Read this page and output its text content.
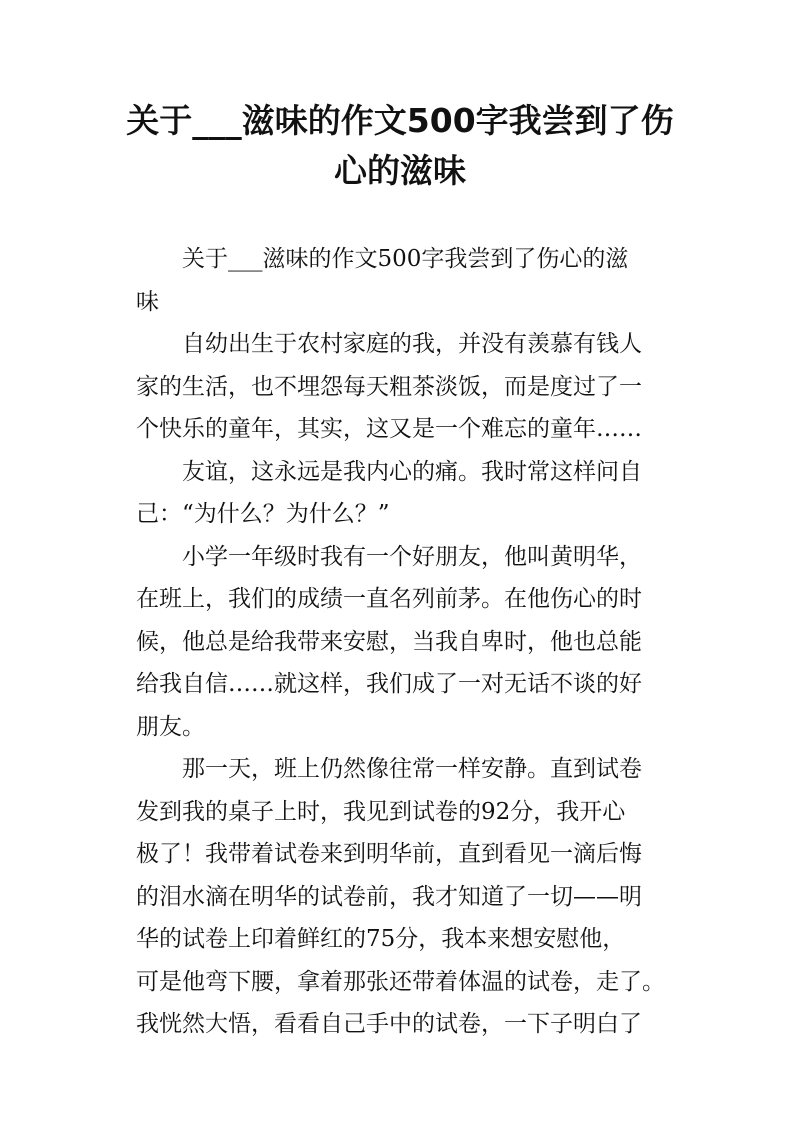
关于___滋味的作文500字我尝到了伤
心的滋味
关于___滋味的作文500字我尝到了伤心的滋
味
自幼出生于农村家庭的我，并没有羡慕有钱人
家的生活，也不埋怨每天粗茶淡饭，而是度过了一
个快乐的童年，其实，这又是一个难忘的童年……
友谊，这永远是我内心的痛。我时常这样问自
己：“为什么？为什么？”
小学一年级时我有一个好朋友，他叫黄明华，
在班上，我们的成绩一直名列前茅。在他伤心的时
候，他总是给我带来安慰，当我自卑时，他也总能
给我自信……就这样，我们成了一对无话不谈的好
朋友。
那一天，班上仍然像往常一样安静。直到试卷
发到我的桌子上时，我见到试卷的92分，我开心
极了！我带着试卷来到明华前，直到看见一滴后悔
的泪水滴在明华的试卷前，我才知道了一切——明
华的试卷上印着鲜红的75分，我本来想安慰他，
可是他弯下腰，拿着那张还带着体温的试卷，走了。
我恍然大悟，看看自己手中的试卷，一下子明白了
